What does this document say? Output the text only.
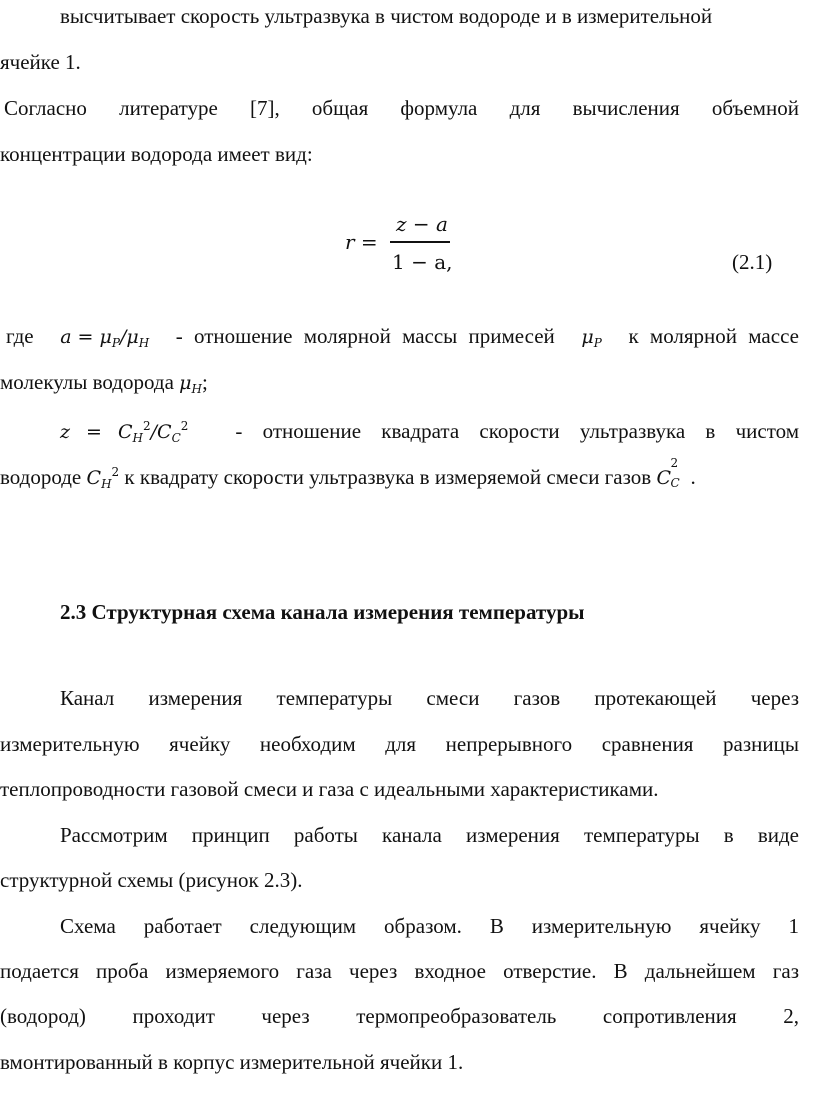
высчитывает скорость ультразвука в чистом водороде и в измерительной
ячейке 1.
Согласно литературе [7], общая формула для вычисления объемной
концентрации водорода имеет вид:
r =
z − a
1 − a,	(2.1)
где $a = \mu_P/\mu_H$ - отношение молярной массы примесей $\mu_P$ к молярной массе
молекулы водорода $\mu_H$;
$z = C_H^2/C_C^2$ - отношение квадрата скорости ультразвука в чистом
водороде $C_H^2$ к квадрату скорости ультразвука в измеряемой смеси газов C
2
C .
2.3 Структурная схема канала измерения температуры
Канал измерения температуры смеси газов протекающей через
измерительную ячейку необходим для непрерывного сравнения разницы
теплопроводности газовой смеси и газа с идеальными характеристиками.
Рассмотрим принцип работы канала измерения температуры в виде
структурной схемы (рисунок 2.3).
Схема работает следующим образом. В измерительную ячейку 1
подается проба измеряемого газа через входное отверстие. В дальнейшем газ
(водород) проходит через термопреобразователь сопротивления 2,
вмонтированный в корпус измерительной ячейки 1.
